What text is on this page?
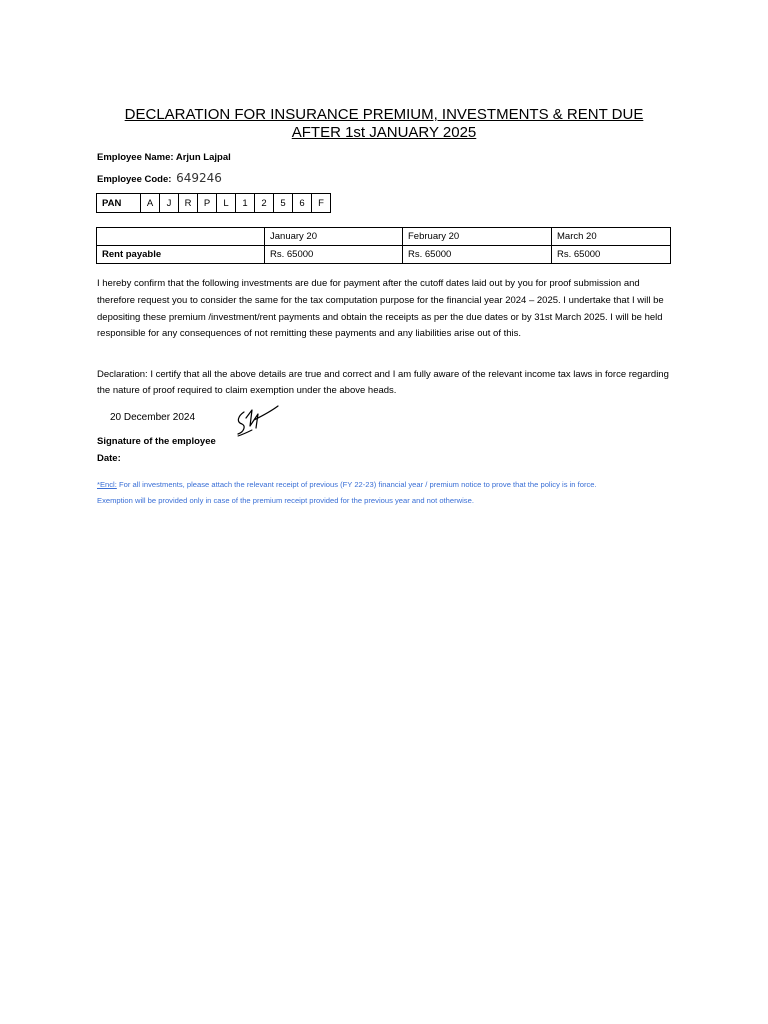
DECLARATION FOR INSURANCE PREMIUM, INVESTMENTS & RENT DUE
AFTER 1st JANUARY 2025
Employee Name: Arjun Lajpal
Employee Code: 649246
PAN	A	J	R	P	L	1	2	5	6	F
	January 20	February 20	March 20
Rent payable	Rs. 65000	Rs. 65000	Rs. 65000
I hereby confirm that the following investments are due for payment after the cutoff dates laid out by you for proof submission and therefore request you to consider the same for the tax computation purpose for the financial year 2024 – 2025. I undertake that I will be depositing these premium /investment/rent payments and obtain the receipts as per the due dates or by 31st March 2025. I will be held responsible for any consequences of not remitting these payments and any liabilities arise out of this.
Declaration: I certify that all the above details are true and correct and I am fully aware of the relevant income tax laws in force regarding the nature of proof required to claim exemption under the above heads.
20 December 2024
Signature of the employee
Date:
*Encl: For all investments, please attach the relevant receipt of previous (FY 22-23) financial year / premium notice to prove that the policy is in force.
Exemption will be provided only in case of the premium receipt provided for the previous year and not otherwise.
